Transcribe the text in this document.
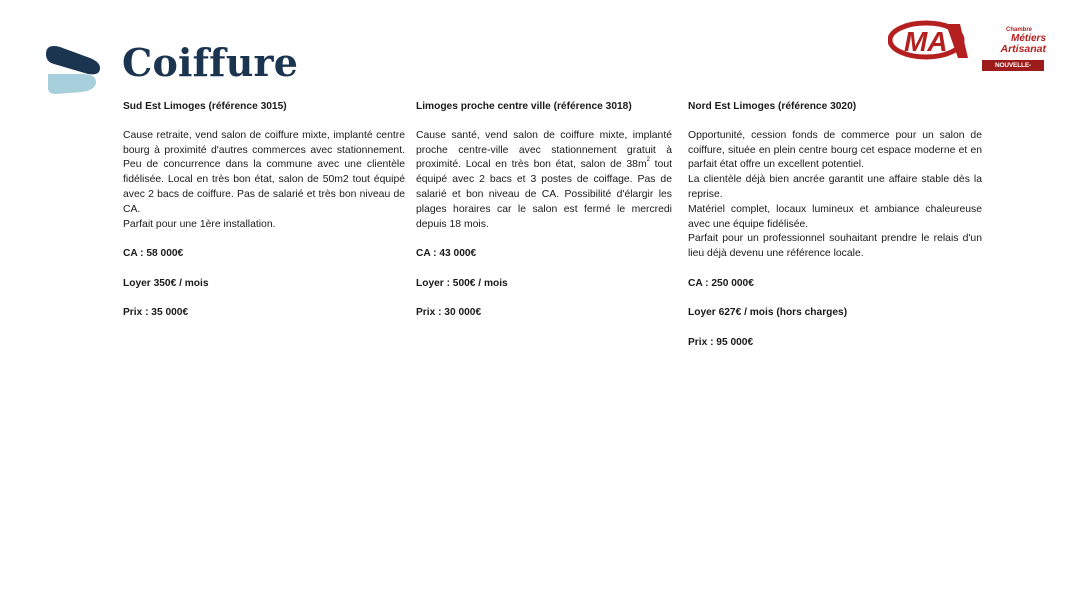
Coiffure	MA	Chambre
Métiers
Artisanat
NOUVELLE-AQUITAINE
Sud Est Limoges (référence 3015)

Cause retraite, vend salon de coiffure mixte, implanté centre bourg à proximité d'autres commerces avec stationnement. Peu de concurrence dans la commune avec une clientèle fidélisée. Local en très bon état, salon de 50m2 tout équipé avec 2 bacs de coiffure. Pas de salarié et très bon niveau de CA.

Parfait pour une 1ère installation.

CA : 58 000€
Loyer 350€ / mois
Prix : 35 000€
Limoges proche centre ville (référence 3018)

Cause santé, vend salon de coiffure mixte, implanté proche centre-ville avec stationnement gratuit à proximité. Local en très bon état, salon de $38m^2$ tout équipé avec 2 bacs et 3 postes de coiffage. Pas de salarié et bon niveau de CA. Possibilité d'élargir les plages horaires car le salon est fermé le mercredi depuis 18 mois.

CA : 43 000€
Loyer : 500€ / mois
Prix : 30 000€
Nord Est Limoges (référence 3020)

Opportunité, cession fonds de commerce pour un salon de coiffure, située en plein centre bourg cet espace moderne et en parfait état offre un excellent potentiel.

La clientèle déjà bien ancrée garantit une affaire stable dès la reprise.

Matériel complet, locaux lumineux et ambiance chaleureuse avec une équipe fidélisée.

Parfait pour un professionnel souhaitant prendre le relais d'un lieu déjà devenu une référence locale.

CA : 250 000€
Loyer 627€ / mois (hors charges)
Prix : 95 000€
